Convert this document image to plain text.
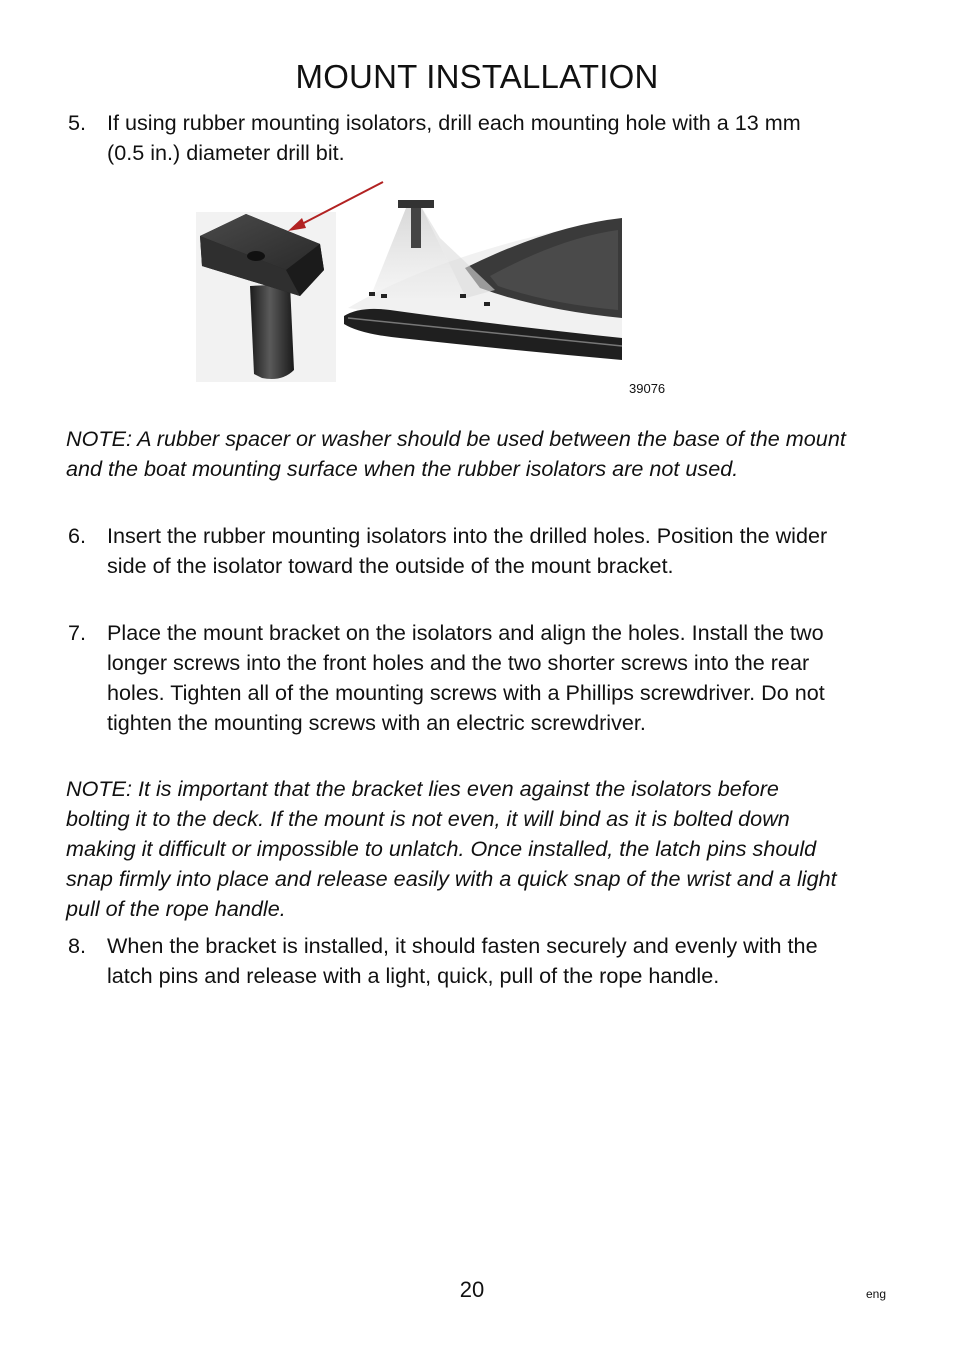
MOUNT INSTALLATION
5. If using rubber mounting isolators, drill each mounting hole with a 13 mm (0.5 in.) diameter drill bit.
39076
NOTE: A rubber spacer or washer should be used between the base of the mount and the boat mounting surface when the rubber isolators are not used.
6. Insert the rubber mounting isolators into the drilled holes. Position the wider side of the isolator toward the outside of the mount bracket.
7. Place the mount bracket on the isolators and align the holes. Install the two longer screws into the front holes and the two shorter screws into the rear holes. Tighten all of the mounting screws with a Phillips screwdriver. Do not tighten the mounting screws with an electric screwdriver.
NOTE: It is important that the bracket lies even against the isolators before bolting it to the deck. If the mount is not even, it will bind as it is bolted down making it difficult or impossible to unlatch. Once installed, the latch pins should snap firmly into place and release easily with a quick snap of the wrist and a light pull of the rope handle.
8. When the bracket is installed, it should fasten securely and evenly with the latch pins and release with a light, quick, pull of the rope handle.
20	eng
